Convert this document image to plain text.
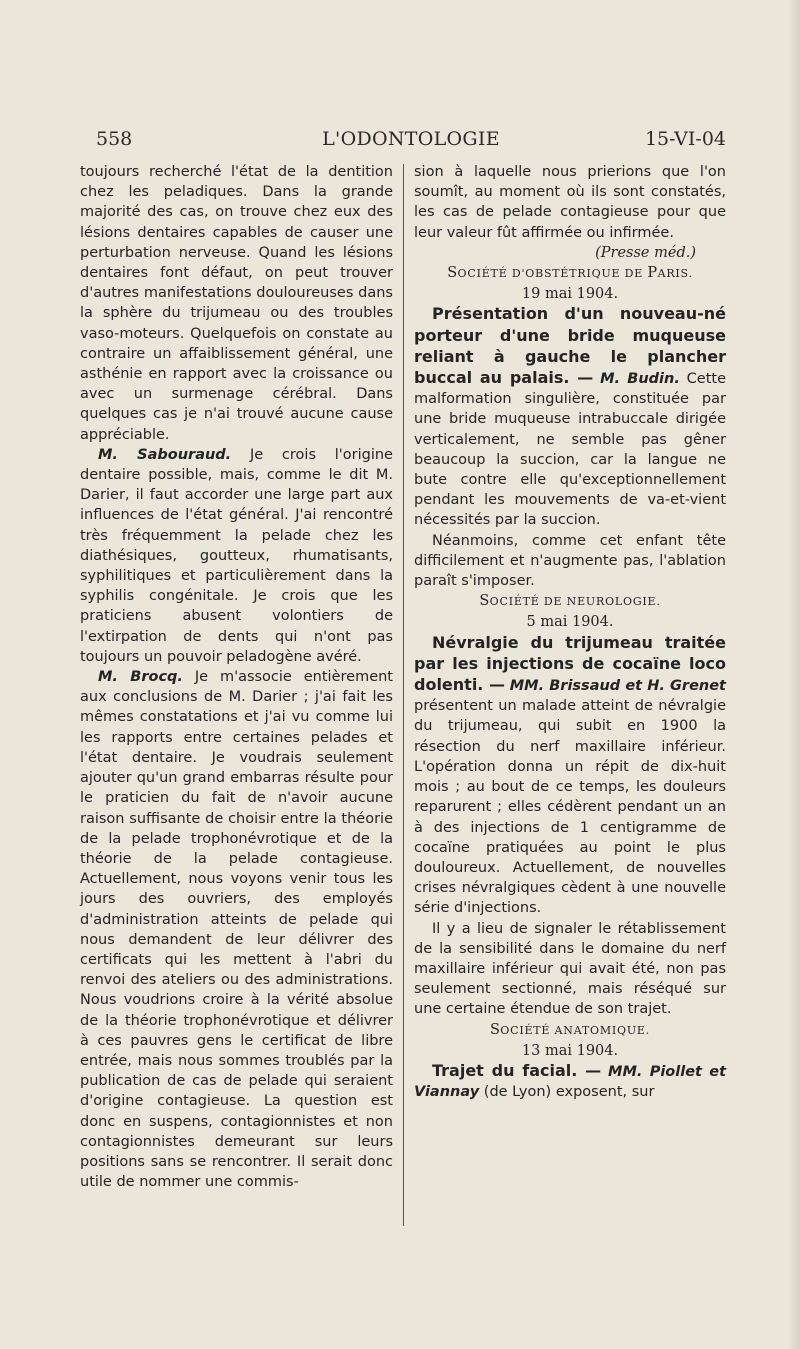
558	L'ODONTOLOGIE	15-VI-04

toujours recherché l'état de la dentition chez les peladiques. Dans la grande majorité des cas, on trouve chez eux des lésions dentaires capables de causer une perturbation nerveuse. Quand les lésions dentaires font défaut, on peut trouver d'autres manifestations douloureuses dans la sphère du trijumeau ou des troubles vaso-moteurs. Quelquefois on constate au contraire un affaiblissement général, une asthénie en rapport avec la croissance ou avec un surmenage cérébral. Dans quelques cas je n'ai trouvé aucune cause appréciable.

M. Sabouraud. Je crois l'origine dentaire possible, mais, comme le dit M. Darier, il faut accorder une large part aux influences de l'état général. J'ai rencontré très fréquemment la pelade chez les diathésiques, goutteux, rhumatisants, syphilitiques et particulièrement dans la syphilis congénitale. Je crois que les praticiens abusent volontiers de l'extirpation de dents qui n'ont pas toujours un pouvoir peladogène avéré.

M. Brocq. Je m'associe entièrement aux conclusions de M. Darier ; j'ai fait les mêmes constatations et j'ai vu comme lui les rapports entre certaines pelades et l'état dentaire. Je voudrais seulement ajouter qu'un grand embarras résulte pour le praticien du fait de n'avoir aucune raison suffisante de choisir entre la théorie de la pelade trophonévrotique et de la théorie de la pelade contagieuse. Actuellement, nous voyons venir tous les jours des ouvriers, des employés d'administration atteints de pelade qui nous demandent de leur délivrer des certificats qui les mettent à l'abri du renvoi des ateliers ou des administrations. Nous voudrions croire à la vérité absolue de la théorie trophonévrotique et délivrer à ces pauvres gens le certificat de libre entrée, mais nous sommes troublés par la publication de cas de pelade qui seraient d'origine contagieuse. La question est donc en suspens, contagionnistes et non contagionnistes demeurant sur leurs positions sans se rencontrer. Il serait donc utile de nommer une commis-

sion à laquelle nous prierions que l'on soumît, au moment où ils sont constatés, les cas de pelade contagieuse pour que leur valeur fût affirmée ou infirmée.

(Presse méd.)

SOCIÉTÉ D'OBSTÉTRIQUE DE PARIS.

19 mai 1904.

Présentation d'un nouveau-né porteur d'une bride muqueuse reliant à gauche le plancher buccal au palais. — M. Budin. Cette malformation singulière, constituée par une bride muqueuse intrabuccale dirigée verticalement, ne semble pas gêner beaucoup la succion, car la langue ne bute contre elle qu'exceptionnellement pendant les mouvements de va-et-vient nécessités par la succion.

Néanmoins, comme cet enfant tête difficilement et n'augmente pas, l'ablation paraît s'imposer.

SOCIÉTÉ DE NEUROLOGIE.

5 mai 1904.

Névralgie du trijumeau traitée par les injections de cocaïne loco dolenti. — MM. Brissaud et H. Grenet présentent un malade atteint de névralgie du trijumeau, qui subit en 1900 la résection du nerf maxillaire inférieur. L'opération donna un répit de dix-huit mois ; au bout de ce temps, les douleurs reparurent ; elles cédèrent pendant un an à des injections de 1 centigramme de cocaïne pratiquées au point le plus douloureux. Actuellement, de nouvelles crises névralgiques cèdent à une nouvelle série d'injections.

Il y a lieu de signaler le rétablissement de la sensibilité dans le domaine du nerf maxillaire inférieur qui avait été, non pas seulement sectionné, mais réséqué sur une certaine étendue de son trajet.

SOCIÉTÉ ANATOMIQUE.

13 mai 1904.

Trajet du facial. — MM. Piollet et Viannay (de Lyon) exposent, sur
